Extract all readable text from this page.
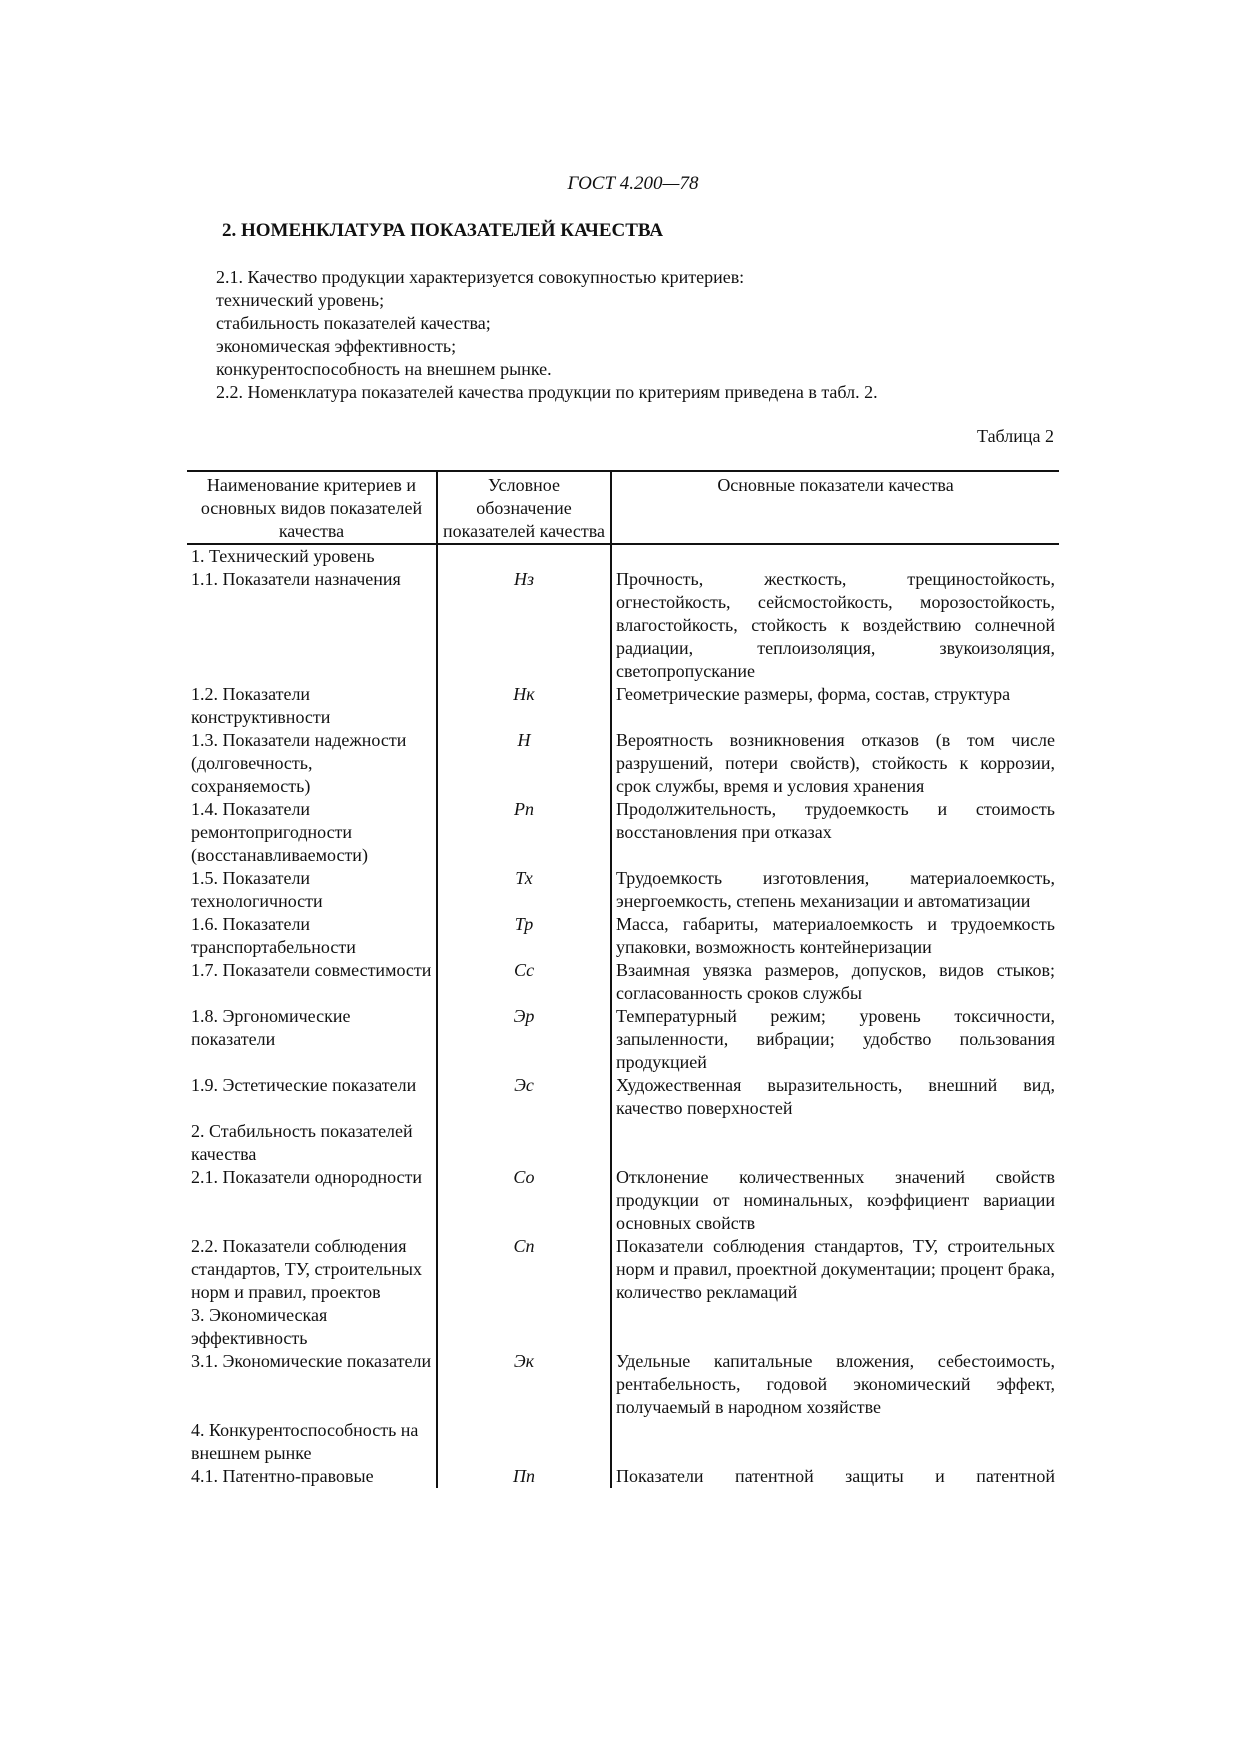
ГОСТ 4.200—78
2. НОМЕНКЛАТУРА ПОКАЗАТЕЛЕЙ КАЧЕСТВА

2.1. Качество продукции характеризуется совокупностью критериев:

технический уровень;

стабильность показателей качества;

экономическая эффективность;

конкурентоспособность на внешнем рынке.

2.2. Номенклатура показателей качества продукции по критериям приведена в табл. 2.

Таблица 2
Наименование критериев и основных видов показателей качества	Условное обозначение показателей качества	Основные показатели качества
1. Технический уровень		
1.1. Показатели назначения	Нз	Прочность, жесткость, трещиностойкость, огнестойкость, сейсмостойкость, морозостойкость, влагостойкость, стойкость к воздействию солнечной радиации, теплоизоляция, звукоизоляция, светопропускание
1.2. Показатели конструктивности	Нк	Геометрические размеры, форма, состав, структура
1.3. Показатели надежности (долговечность, сохраняемость)	Н	Вероятность возникновения отказов (в том числе разрушений, потери свойств), стойкость к коррозии, срок службы, время и условия хранения
1.4. Показатели ремонтопригодности (восстанавливаемости)	Рп	Продолжительность, трудоемкость и стоимость восстановления при отказах
1.5. Показатели технологичности	Тх	Трудоемкость изготовления, материалоемкость, энергоемкость, степень механизации и автоматизации
1.6. Показатели транспортабельности	Тр	Масса, габариты, материалоемкость и трудоемкость упаковки, возможность контейнеризации
1.7. Показатели совместимости	Сс	Взаимная увязка размеров, допусков, видов стыков; согласованность сроков службы
1.8. Эргономические показатели	Эр	Температурный режим; уровень токсичности, запыленности, вибрации; удобство пользования продукцией
1.9. Эстетические показатели	Эс	Художественная выразительность, внешний вид, качество поверхностей
2. Стабильность показателей качества		
2.1. Показатели однородности	Со	Отклонение количественных значений свойств продукции от номинальных, коэффициент вариации основных свойств
2.2. Показатели соблюдения стандартов, ТУ, строительных норм и правил, проектов	Сп	Показатели соблюдения стандартов, ТУ, строительных норм и правил, проектной документации; процент брака, количество рекламаций
3. Экономическая эффективность		
3.1. Экономические показатели	Эк	Удельные капитальные вложения, себестоимость, рентабельность, годовой экономический эффект, получаемый в народном хозяйстве
4. Конкурентоспособность на внешнем рынке		
4.1. Патентно-правовые	Пп	Показатели патентной защиты и патентной
